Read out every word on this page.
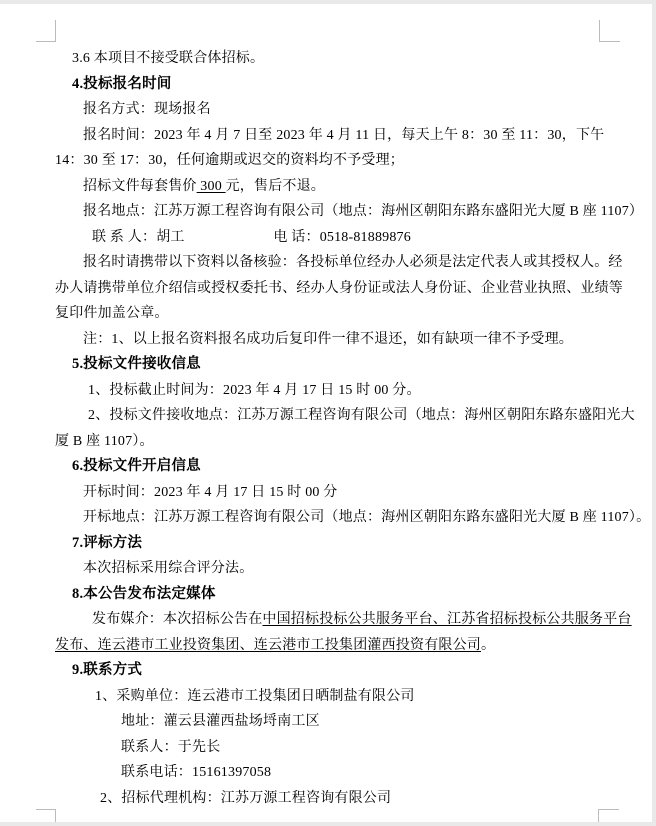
3.6 本项目不接受联合体招标。
4.投标报名时间
报名方式：现场报名
报名时间：2023 年 4 月 7 日至 2023 年 4 月 11 日，每天上午 8：30 至 11：30，下午
14：30 至 17：30，任何逾期或迟交的资料均不予受理；
招标文件每套售价 300 元，售后不退。
报名地点：江苏万源工程咨询有限公司（地点：海州区朝阳东路东盛阳光大厦 B 座 1107）
联 系 人：胡工                        电 话：0518-81889876
报名时请携带以下资料以备核验：各投标单位经办人必须是法定代表人或其授权人。经
办人请携带单位介绍信或授权委托书、经办人身份证或法人身份证、企业营业执照、业绩等
复印件加盖公章。
注：1、以上报名资料报名成功后复印件一律不退还，如有缺项一律不予受理。
5.投标文件接收信息
1、投标截止时间为：2023 年 4 月 17 日 15 时 00 分。
2、投标文件接收地点：江苏万源工程咨询有限公司（地点：海州区朝阳东路东盛阳光大
厦 B 座 1107）。
6.投标文件开启信息
开标时间：2023 年 4 月 17 日 15 时 00 分
开标地点：江苏万源工程咨询有限公司（地点：海州区朝阳东路东盛阳光大厦 B 座 1107）。
7.评标方法
本次招标采用综合评分法。
8.本公告发布法定媒体
发布媒介：本次招标公告在中国招标投标公共服务平台、江苏省招标投标公共服务平台
发布、连云港市工业投资集团、连云港市工投集团灌西投资有限公司。
9.联系方式
1、采购单位：连云港市工投集团日晒制盐有限公司
地址：灌云县灌西盐场埒南工区
联系人：于先长
联系电话：15161397058
2、招标代理机构：江苏万源工程咨询有限公司
